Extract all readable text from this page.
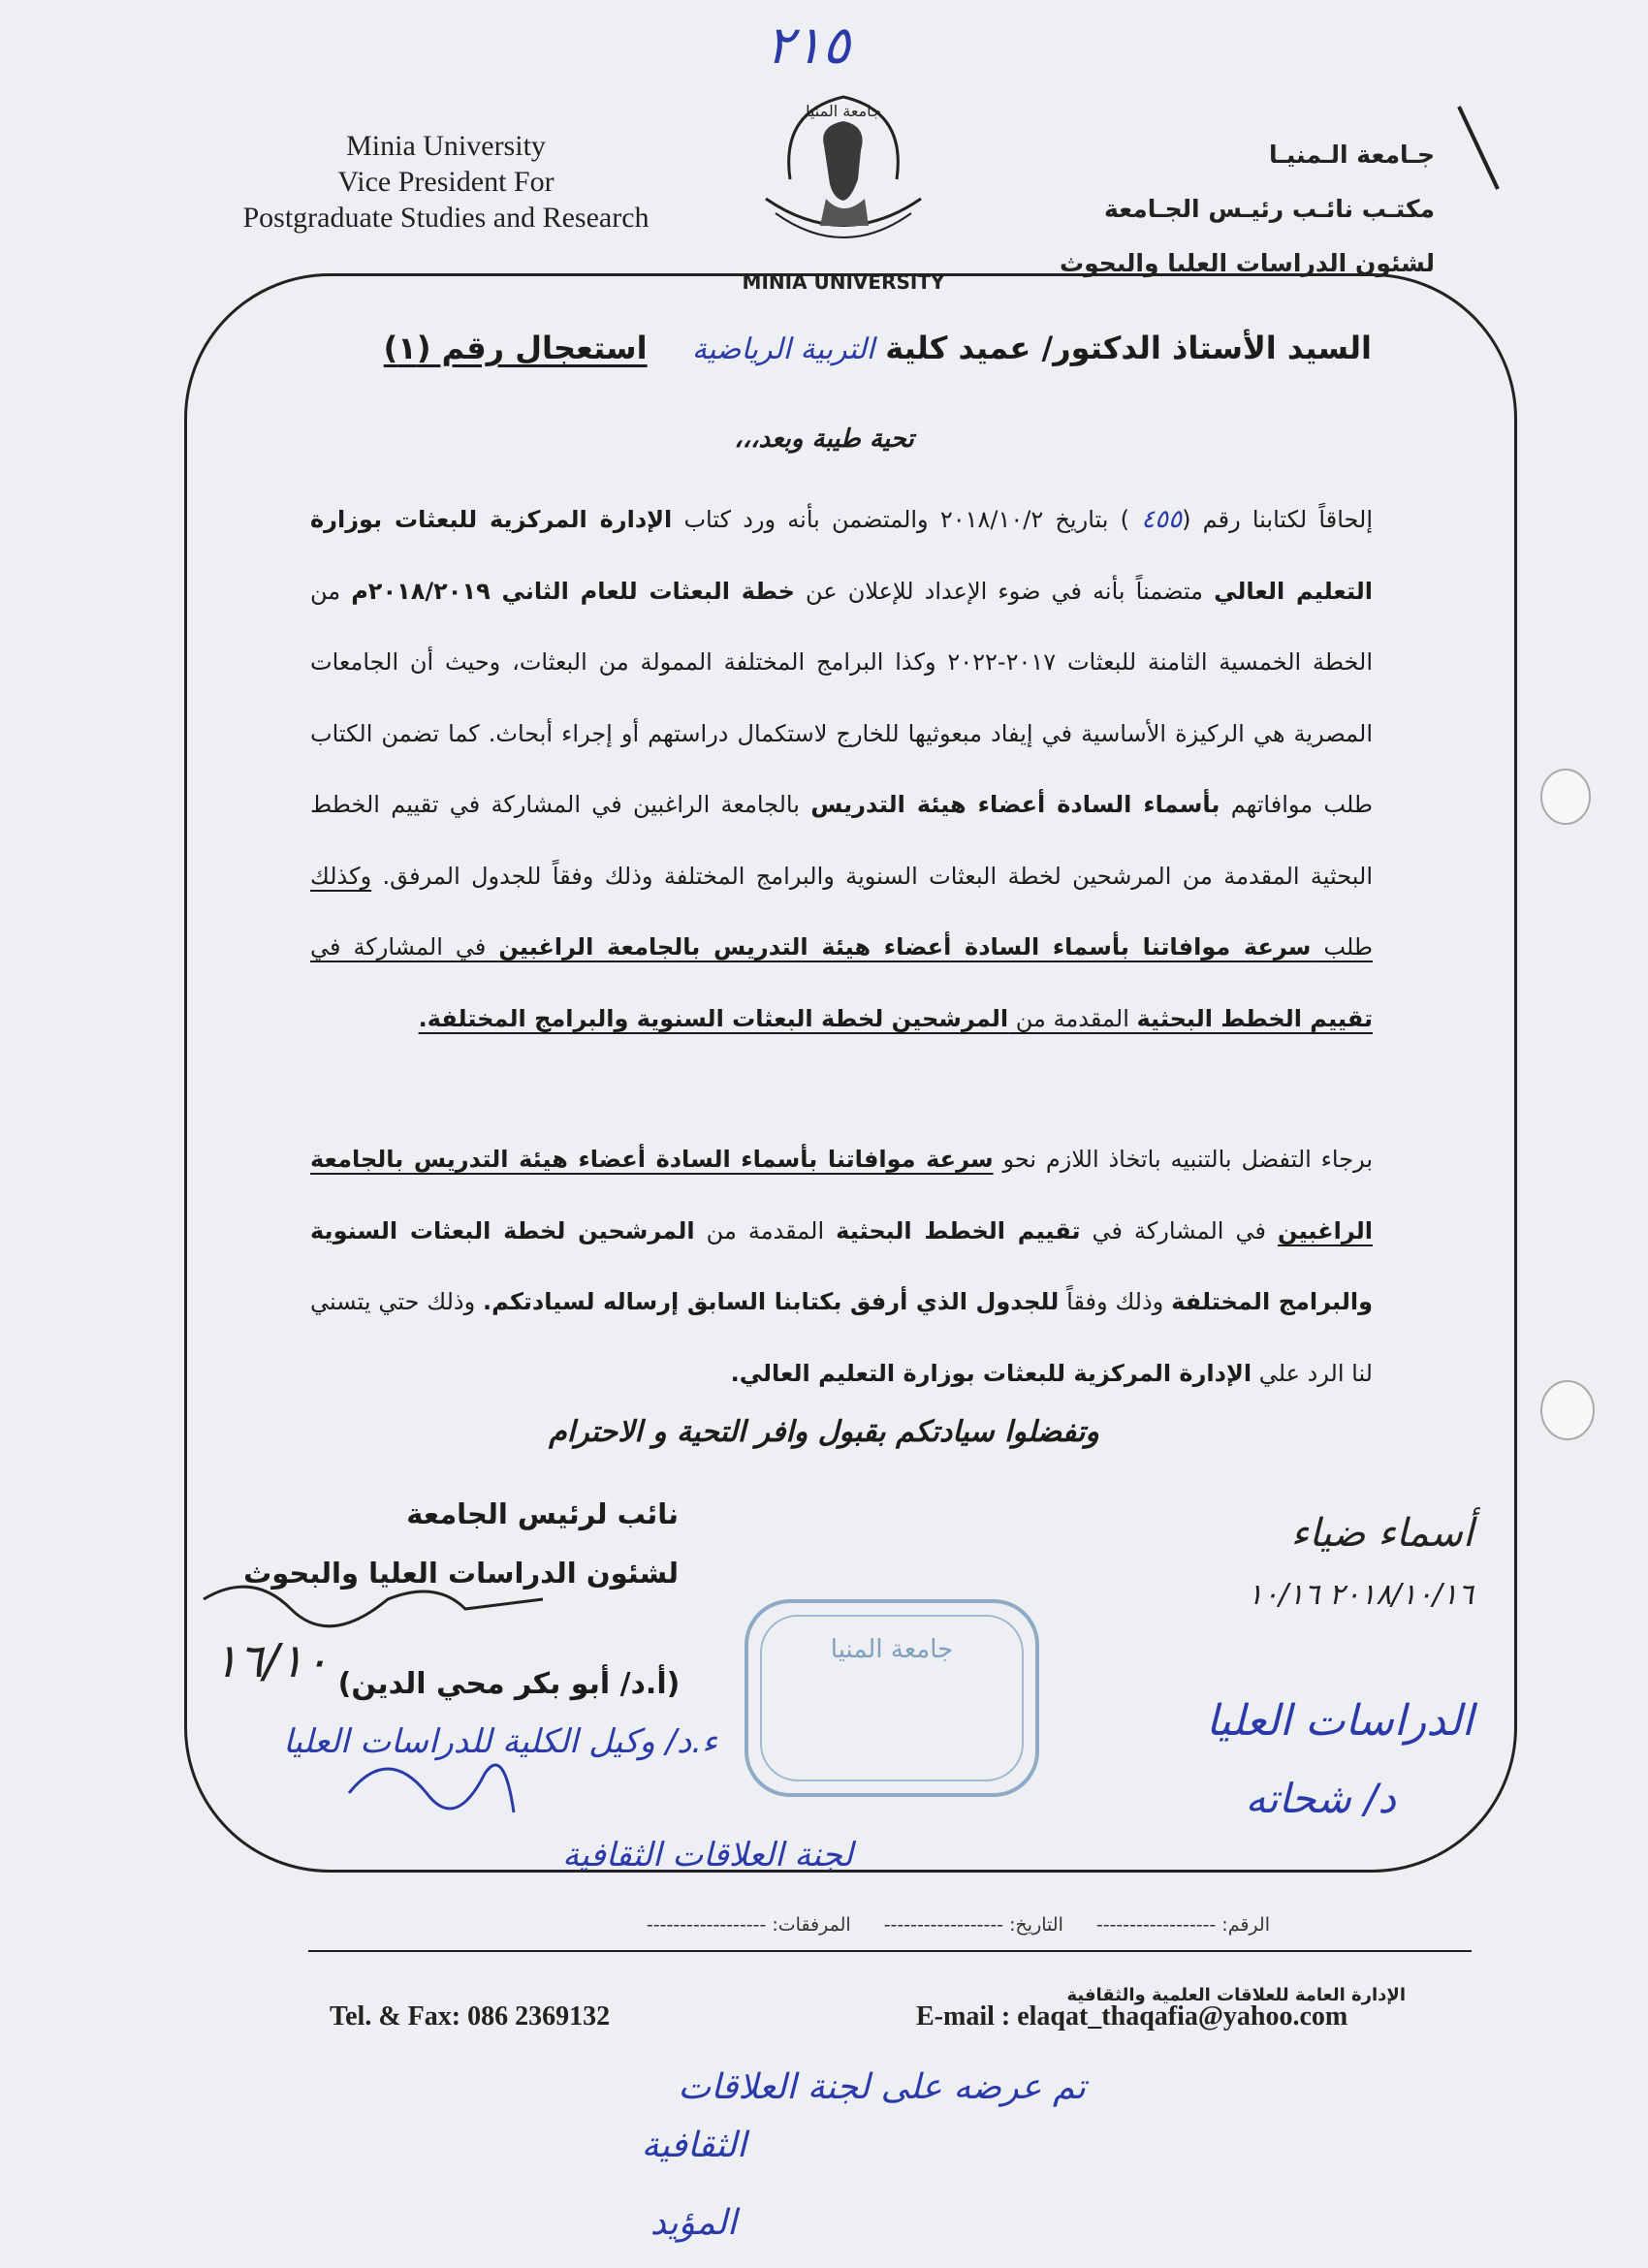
Minia University
Vice President For
Postgraduate Studies and Research
جـامعة الـمنيـا
مكتـب نائـب رئيـس الجـامعة
لشئون الدراسات العليا والبحوث
جامعة المنيا
MINIA UNIVERSITY
السيد الأستاذ الدكتور/ عميد كلية التربية الرياضية  استعجال رقم (١)
تحية طيبة وبعد،،،
إلحاقاً لكتابنا رقم (٤٥٥ ) بتاريخ ٢٠١٨/١٠/٢ والمتضمن بأنه ورد كتاب الإدارة المركزية للبعثات بوزارة التعليم العالي متضمناً بأنه في ضوء الإعداد للإعلان عن خطة البعثات للعام الثاني ٢٠١٨/٢٠١٩م من الخطة الخمسية الثامنة للبعثات ٢٠١٧-٢٠٢٢ وكذا البرامج المختلفة الممولة من البعثات، وحيث أن الجامعات المصرية هي الركيزة الأساسية في إيفاد مبعوثيها للخارج لاستكمال دراستهم أو إجراء أبحاث. كما تضمن الكتاب طلب موافاتهم بأسماء السادة أعضاء هيئة التدريس بالجامعة الراغبين في المشاركة في تقييم الخطط البحثية المقدمة من المرشحين لخطة البعثات السنوية والبرامج المختلفة وذلك وفقاً للجدول المرفق. وكذلك طلب سرعة موافاتنا بأسماء السادة أعضاء هيئة التدريس بالجامعة الراغبين في المشاركة في تقييم الخطط البحثية المقدمة من المرشحين لخطة البعثات السنوية والبرامج المختلفة.
برجاء التفضل بالتنبيه باتخاذ اللازم نحو سرعة موافاتنا بأسماء السادة أعضاء هيئة التدريس بالجامعة الراغبين في المشاركة في تقييم الخطط البحثية المقدمة من المرشحين لخطة البعثات السنوية والبرامج المختلفة وذلك وفقاً للجدول الذي أرفق بكتابنا السابق إرساله لسيادتكم. وذلك حتي يتسني لنا الرد علي الإدارة المركزية للبعثات بوزارة التعليم العالي.
وتفضلوا سيادتكم بقبول وافر التحية و الاحترام
نائب لرئيس الجامعة
لشئون الدراسات العليا والبحوث
(أ.د/ أبو بكر محي الدين)
الرقم: ------------------
التاريخ: ------------------
المرفقات: ------------------
الإدارة العامة للعلاقات العلمية والثقافية
Tel. & Fax: 086 2369132	E-mail : elaqat_thaqafia@yahoo.com
جامعة المنيا
٢١٥
أسماء ضياء
٢٠١٨/١٠/١٦ ١٠/١٦
الدراسات العليا
د/ شحاته
١٦/١٠
ء.د/ وكيل الكلية للدراسات العليا
لجنة العلاقات الثقافية
تم عرضه على لجنة العلاقات
الثقافية
المؤيد
